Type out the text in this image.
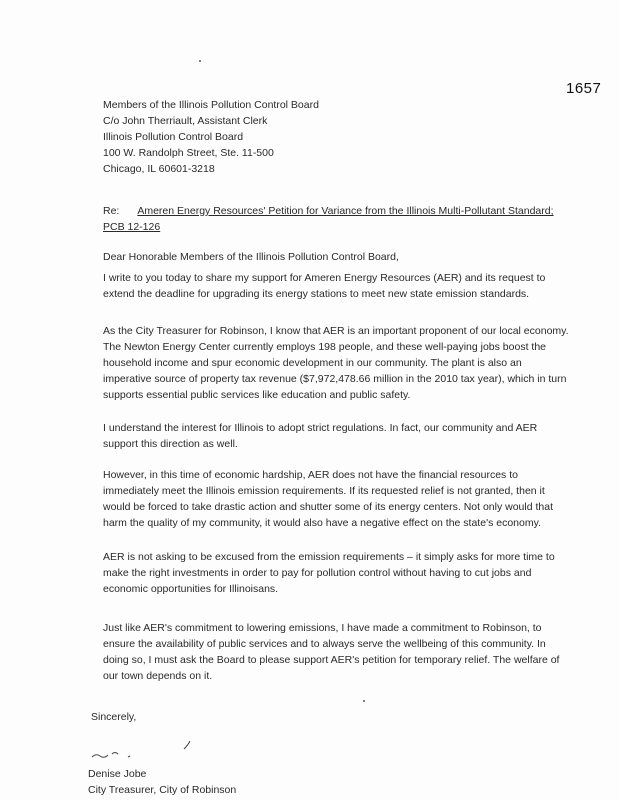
1657
Members of the Illinois Pollution Control Board
C/o John Therriault, Assistant Clerk
Illinois Pollution Control Board
100 W. Randolph Street, Ste. 11-500
Chicago, IL 60601-3218
Re: Ameren Energy Resources' Petition for Variance from the Illinois Multi-Pollutant Standard; PCB 12-126
Dear Honorable Members of the Illinois Pollution Control Board,
I write to you today to share my support for Ameren Energy Resources (AER) and its request to extend the deadline for upgrading its energy stations to meet new state emission standards.
As the City Treasurer for Robinson, I know that AER is an important proponent of our local economy. The Newton Energy Center currently employs 198 people, and these well-paying jobs boost the household income and spur economic development in our community. The plant is also an imperative source of property tax revenue ($7,972,478.66 million in the 2010 tax year), which in turn supports essential public services like education and public safety.
I understand the interest for Illinois to adopt strict regulations. In fact, our community and AER support this direction as well.
However, in this time of economic hardship, AER does not have the financial resources to immediately meet the Illinois emission requirements. If its requested relief is not granted, then it would be forced to take drastic action and shutter some of its energy centers. Not only would that harm the quality of my community, it would also have a negative effect on the state's economy.
AER is not asking to be excused from the emission requirements – it simply asks for more time to make the right investments in order to pay for pollution control without having to cut jobs and economic opportunities for Illinoisans.
Just like AER's commitment to lowering emissions, I have made a commitment to Robinson, to ensure the availability of public services and to always serve the wellbeing of this community. In doing so, I must ask the Board to please support AER's petition for temporary relief. The welfare of our town depends on it.
Sincerely,
Denise Jobe
City Treasurer, City of Robinson
